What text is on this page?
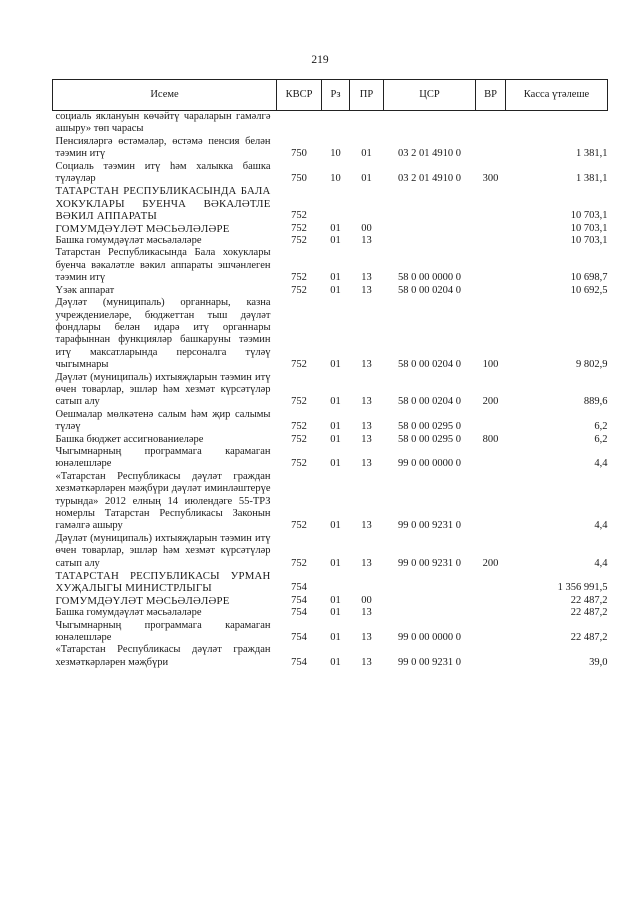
219
Исеме	КВСР	Рз	ПР	ЦСР	ВР	Касса үтәлеше
социаль яклануын көчәйтү чараларын гамәлгә ашыру» төп чарасы						
Пенсияләргә өстәмәләр, өстәмә пенсия белән тәэмин итү	750	10	01	03 2 01 4910 0		1 381,1
Социаль тәэмин итү һәм халыкка башка түләүләр	750	10	01	03 2 01 4910 0	300	1 381,1
ТАТАРСТАН РЕСПУБЛИКАСЫНДА БАЛА ХОКУКЛАРЫ БУЕНЧА ВӘКАЛӘТЛЕ ВӘКИЛ АППАРАТЫ	752					10 703,1
ГОМУМДӘҮЛӘТ МӘСЬӘЛӘЛӘРЕ	752	01	00			10 703,1
Башка гомумдәүләт мәсьәләләре	752	01	13			10 703,1
Татарстан Республикасында Бала хокуклары буенча вәкаләтле вәкил аппараты эшчәнлеген тәэмин итү	752	01	13	58 0 00 0000 0		10 698,7
Үзәк аппарат	752	01	13	58 0 00 0204 0		10 692,5
Дәүләт (муниципаль) органнары, казна учреждениеләре, бюджеттан тыш дәүләт фондлары белән идарә итү органнары тарафыннан функцияләр башкаруны тәэмин итү максатларында персоналга түләү чыгымнары	752	01	13	58 0 00 0204 0	100	9 802,9
Дәүләт (муниципаль) ихтыяҗларын тәэмин итү өчен товарлар, эшләр һәм хезмәт күрсәтүләр сатып алу	752	01	13	58 0 00 0204 0	200	889,6
Оешмалар мөлкәтенә салым һәм җир салымы түләү	752	01	13	58 0 00 0295 0		6,2
Башка бюджет ассигнованиеләре	752	01	13	58 0 00 0295 0	800	6,2
Чыгымнарның программага карамаган юнәлешләре	752	01	13	99 0 00 0000 0		4,4
«Татарстан Республикасы дәүләт граждан хезмәткәрләрен мәҗбүри дәүләт иминләштерүе турында» 2012 елның 14 июлендәге 55-ТРЗ номерлы Татарстан Республикасы Законын гамәлгә ашыру	752	01	13	99 0 00 9231 0		4,4
Дәүләт (муниципаль) ихтыяҗларын тәэмин итү өчен товарлар, эшләр һәм хезмәт күрсәтүләр сатып алу	752	01	13	99 0 00 9231 0	200	4,4
ТАТАРСТАН РЕСПУБЛИКАСЫ УРМАН ХУҖАЛЫГЫ МИНИСТРЛЫГЫ	754					1 356 991,5
ГОМУМДӘҮЛӘТ МӘСЬӘЛӘЛӘРЕ	754	01	00			22 487,2
Башка гомумдәүләт мәсьәләләре	754	01	13			22 487,2
Чыгымнарның программага карамаган юнәлешләре	754	01	13	99 0 00 0000 0		22 487,2
«Татарстан Республикасы дәүләт граждан хезмәткәрләрен мәҗбүри	754	01	13	99 0 00 9231 0		39,0
